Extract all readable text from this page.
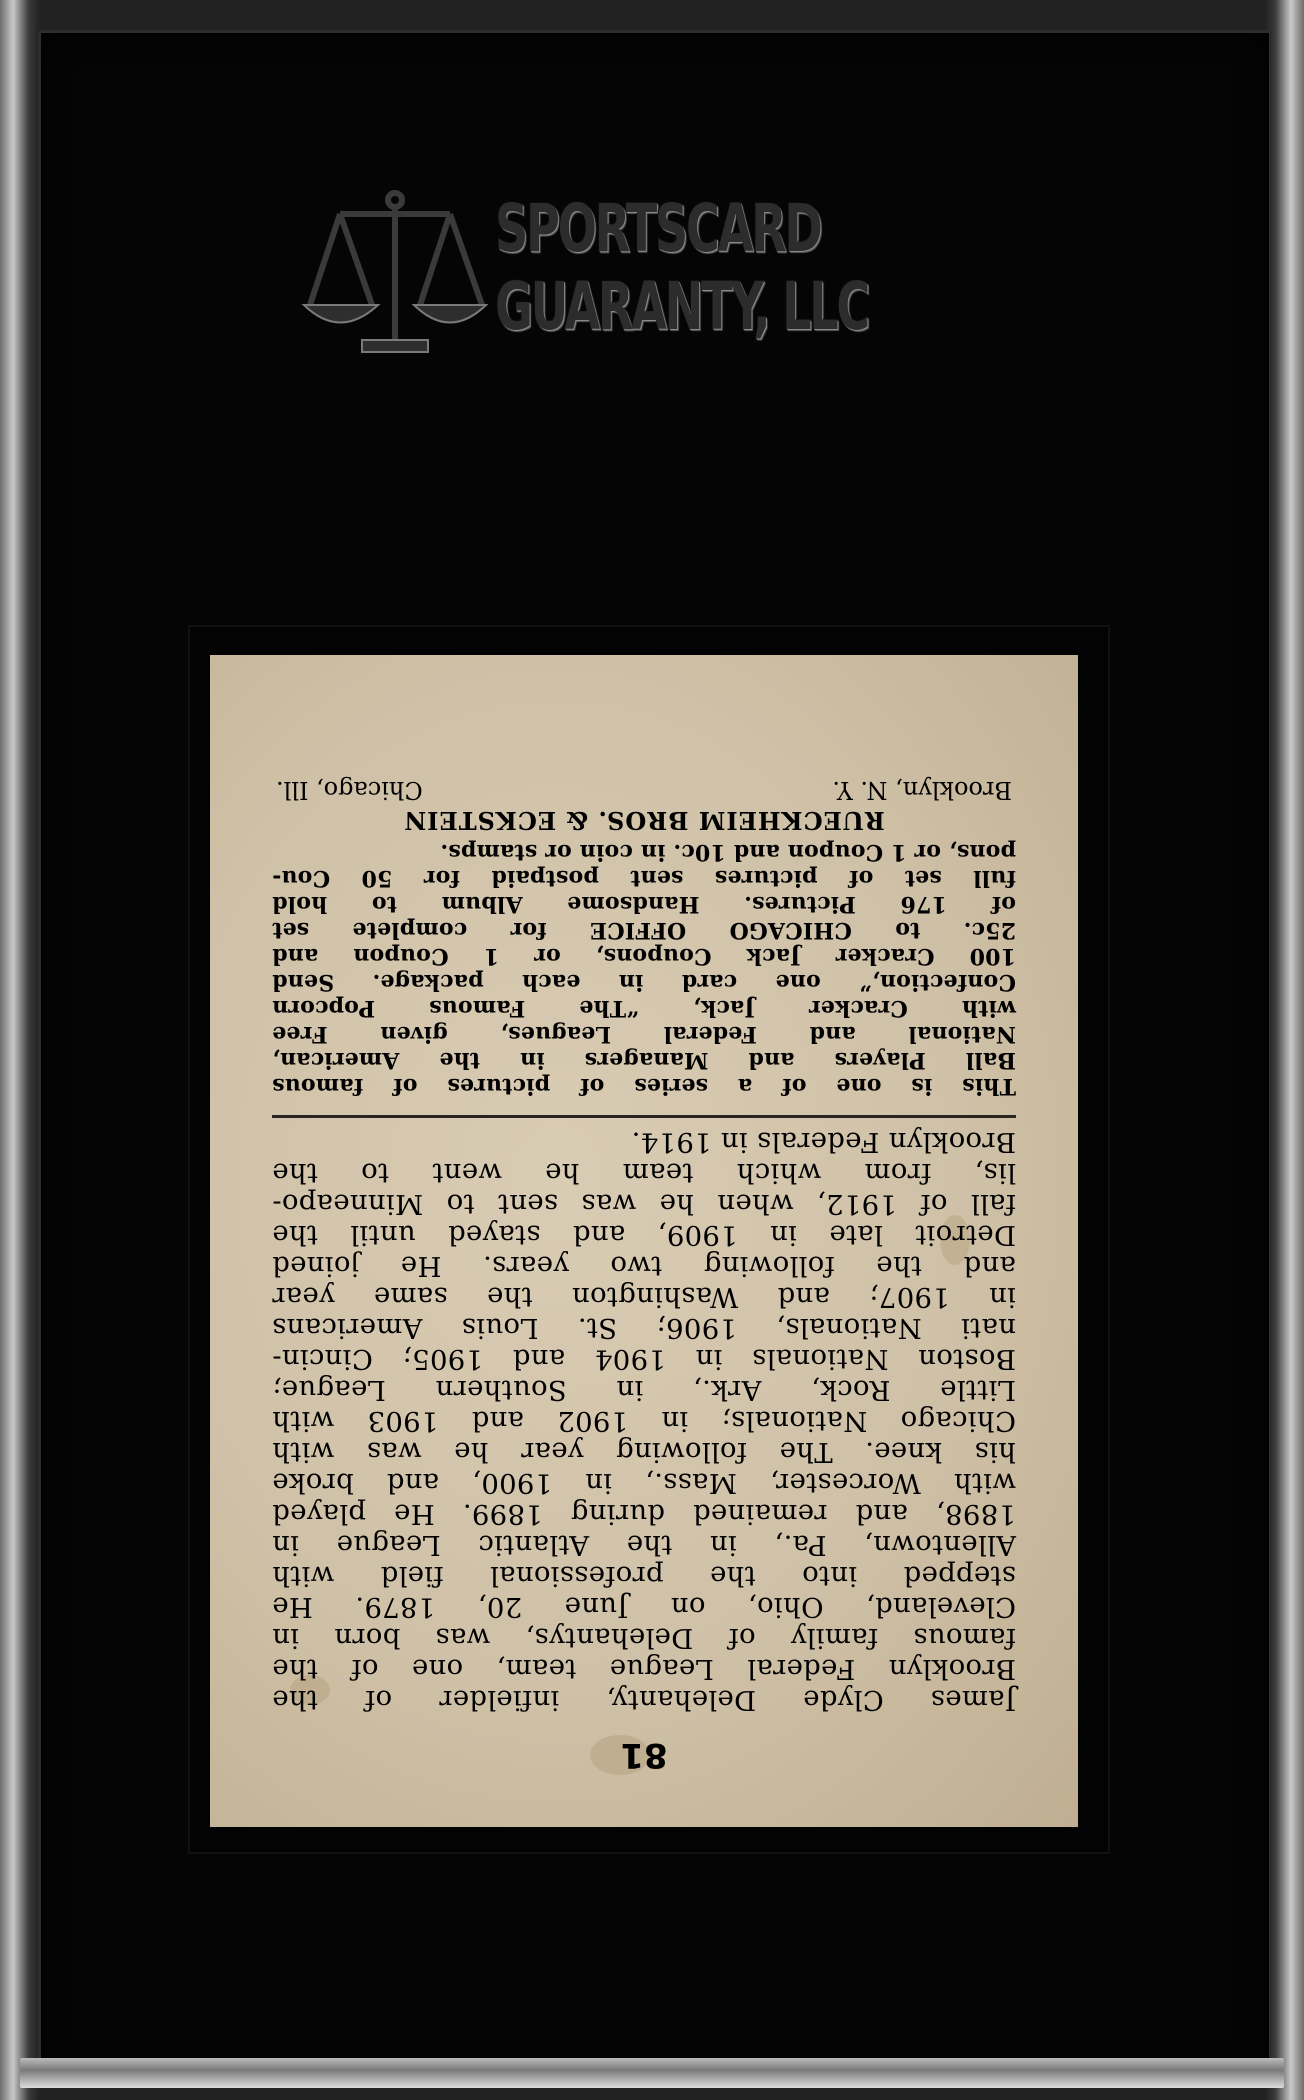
SPORTSCARD
GUARANTY, LLC
81

James Clyde Delehanty, infielder of the
Brooklyn Federal League team, one of the
famous family of Delehantys, was born in
Cleveland, Ohio, on June 20, 1879. He
stepped into the professional field with
Allentown, Pa., in the Atlantic League in
1898, and remained during 1899. He played
with Worcester, Mass., in 1900, and broke
his knee. The following year he was with
Chicago Nationals; in 1902 and 1903 with
Little Rock, Ark., in Southern League;
Boston Nationals in 1904 and 1905; Cincin-
nati Nationals, 1906; St. Louis Americans
in 1907; and Washington the same year
and the following two years. He joined
Detroit late in 1909, and stayed until the
fall of 1912, when he was sent to Minneapo-
lis, from which team he went to the
Brooklyn Federals in 1914.

This is one of a series of pictures of famous
Ball Players and Managers in the American,
National and Federal Leagues, given Free
with Cracker Jack, “The Famous Popcorn
Confection,” one card in each package. Send
100 Cracker Jack Coupons, or 1 Coupon and
25c. to CHICAGO OFFICE for complete set
of 176 Pictures. Handsome Album to hold
full set of pictures sent postpaid for 50 Cou-
pons, or 1 Coupon and 10c. in coin or stamps.

RUECKHEIM BROS. & ECKSTEIN
Brooklyn, N. Y.
Chicago, Ill.
